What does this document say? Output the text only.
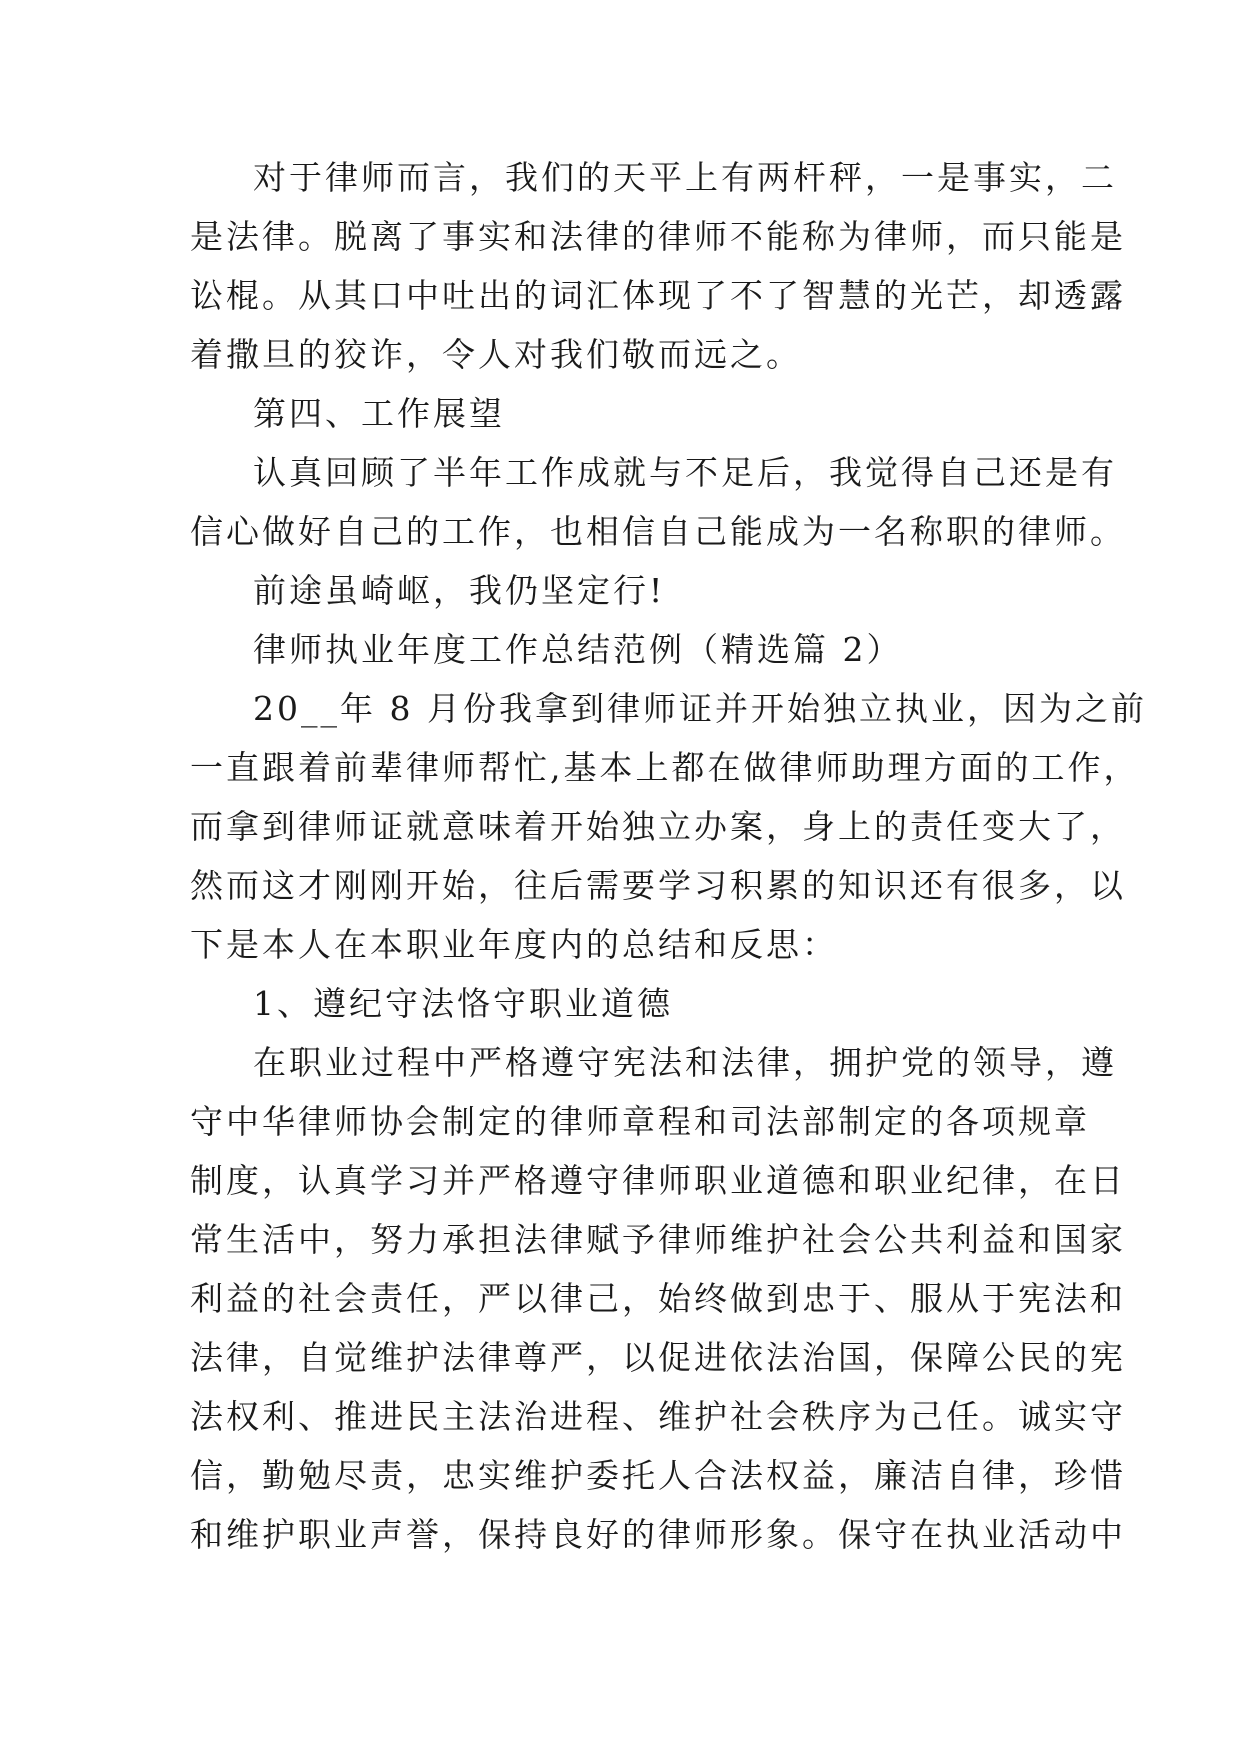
对于律师而言，我们的天平上有两杆秤，一是事实，二
是法律。脱离了事实和法律的律师不能称为律师，而只能是
讼棍。从其口中吐出的词汇体现了不了智慧的光芒，却透露
着撒旦的狡诈，令人对我们敬而远之。
第四、工作展望
认真回顾了半年工作成就与不足后，我觉得自己还是有
信心做好自己的工作，也相信自己能成为一名称职的律师。
前途虽崎岖，我仍坚定行!
律师执业年度工作总结范例（精选篇 2）
20__年 8 月份我拿到律师证并开始独立执业，因为之前
一直跟着前辈律师帮忙,基本上都在做律师助理方面的工作，
而拿到律师证就意味着开始独立办案，身上的责任变大了，
然而这才刚刚开始，往后需要学习积累的知识还有很多，以
下是本人在本职业年度内的总结和反思：
1、遵纪守法恪守职业道德
在职业过程中严格遵守宪法和法律，拥护党的领导，遵
守中华律师协会制定的律师章程和司法部制定的各项规章
制度，认真学习并严格遵守律师职业道德和职业纪律，在日
常生活中，努力承担法律赋予律师维护社会公共利益和国家
利益的社会责任，严以律己，始终做到忠于、服从于宪法和
法律，自觉维护法律尊严，以促进依法治国，保障公民的宪
法权利、推进民主法治进程、维护社会秩序为己任。诚实守
信，勤勉尽责，忠实维护委托人合法权益，廉洁自律，珍惜
和维护职业声誉，保持良好的律师形象。保守在执业活动中
